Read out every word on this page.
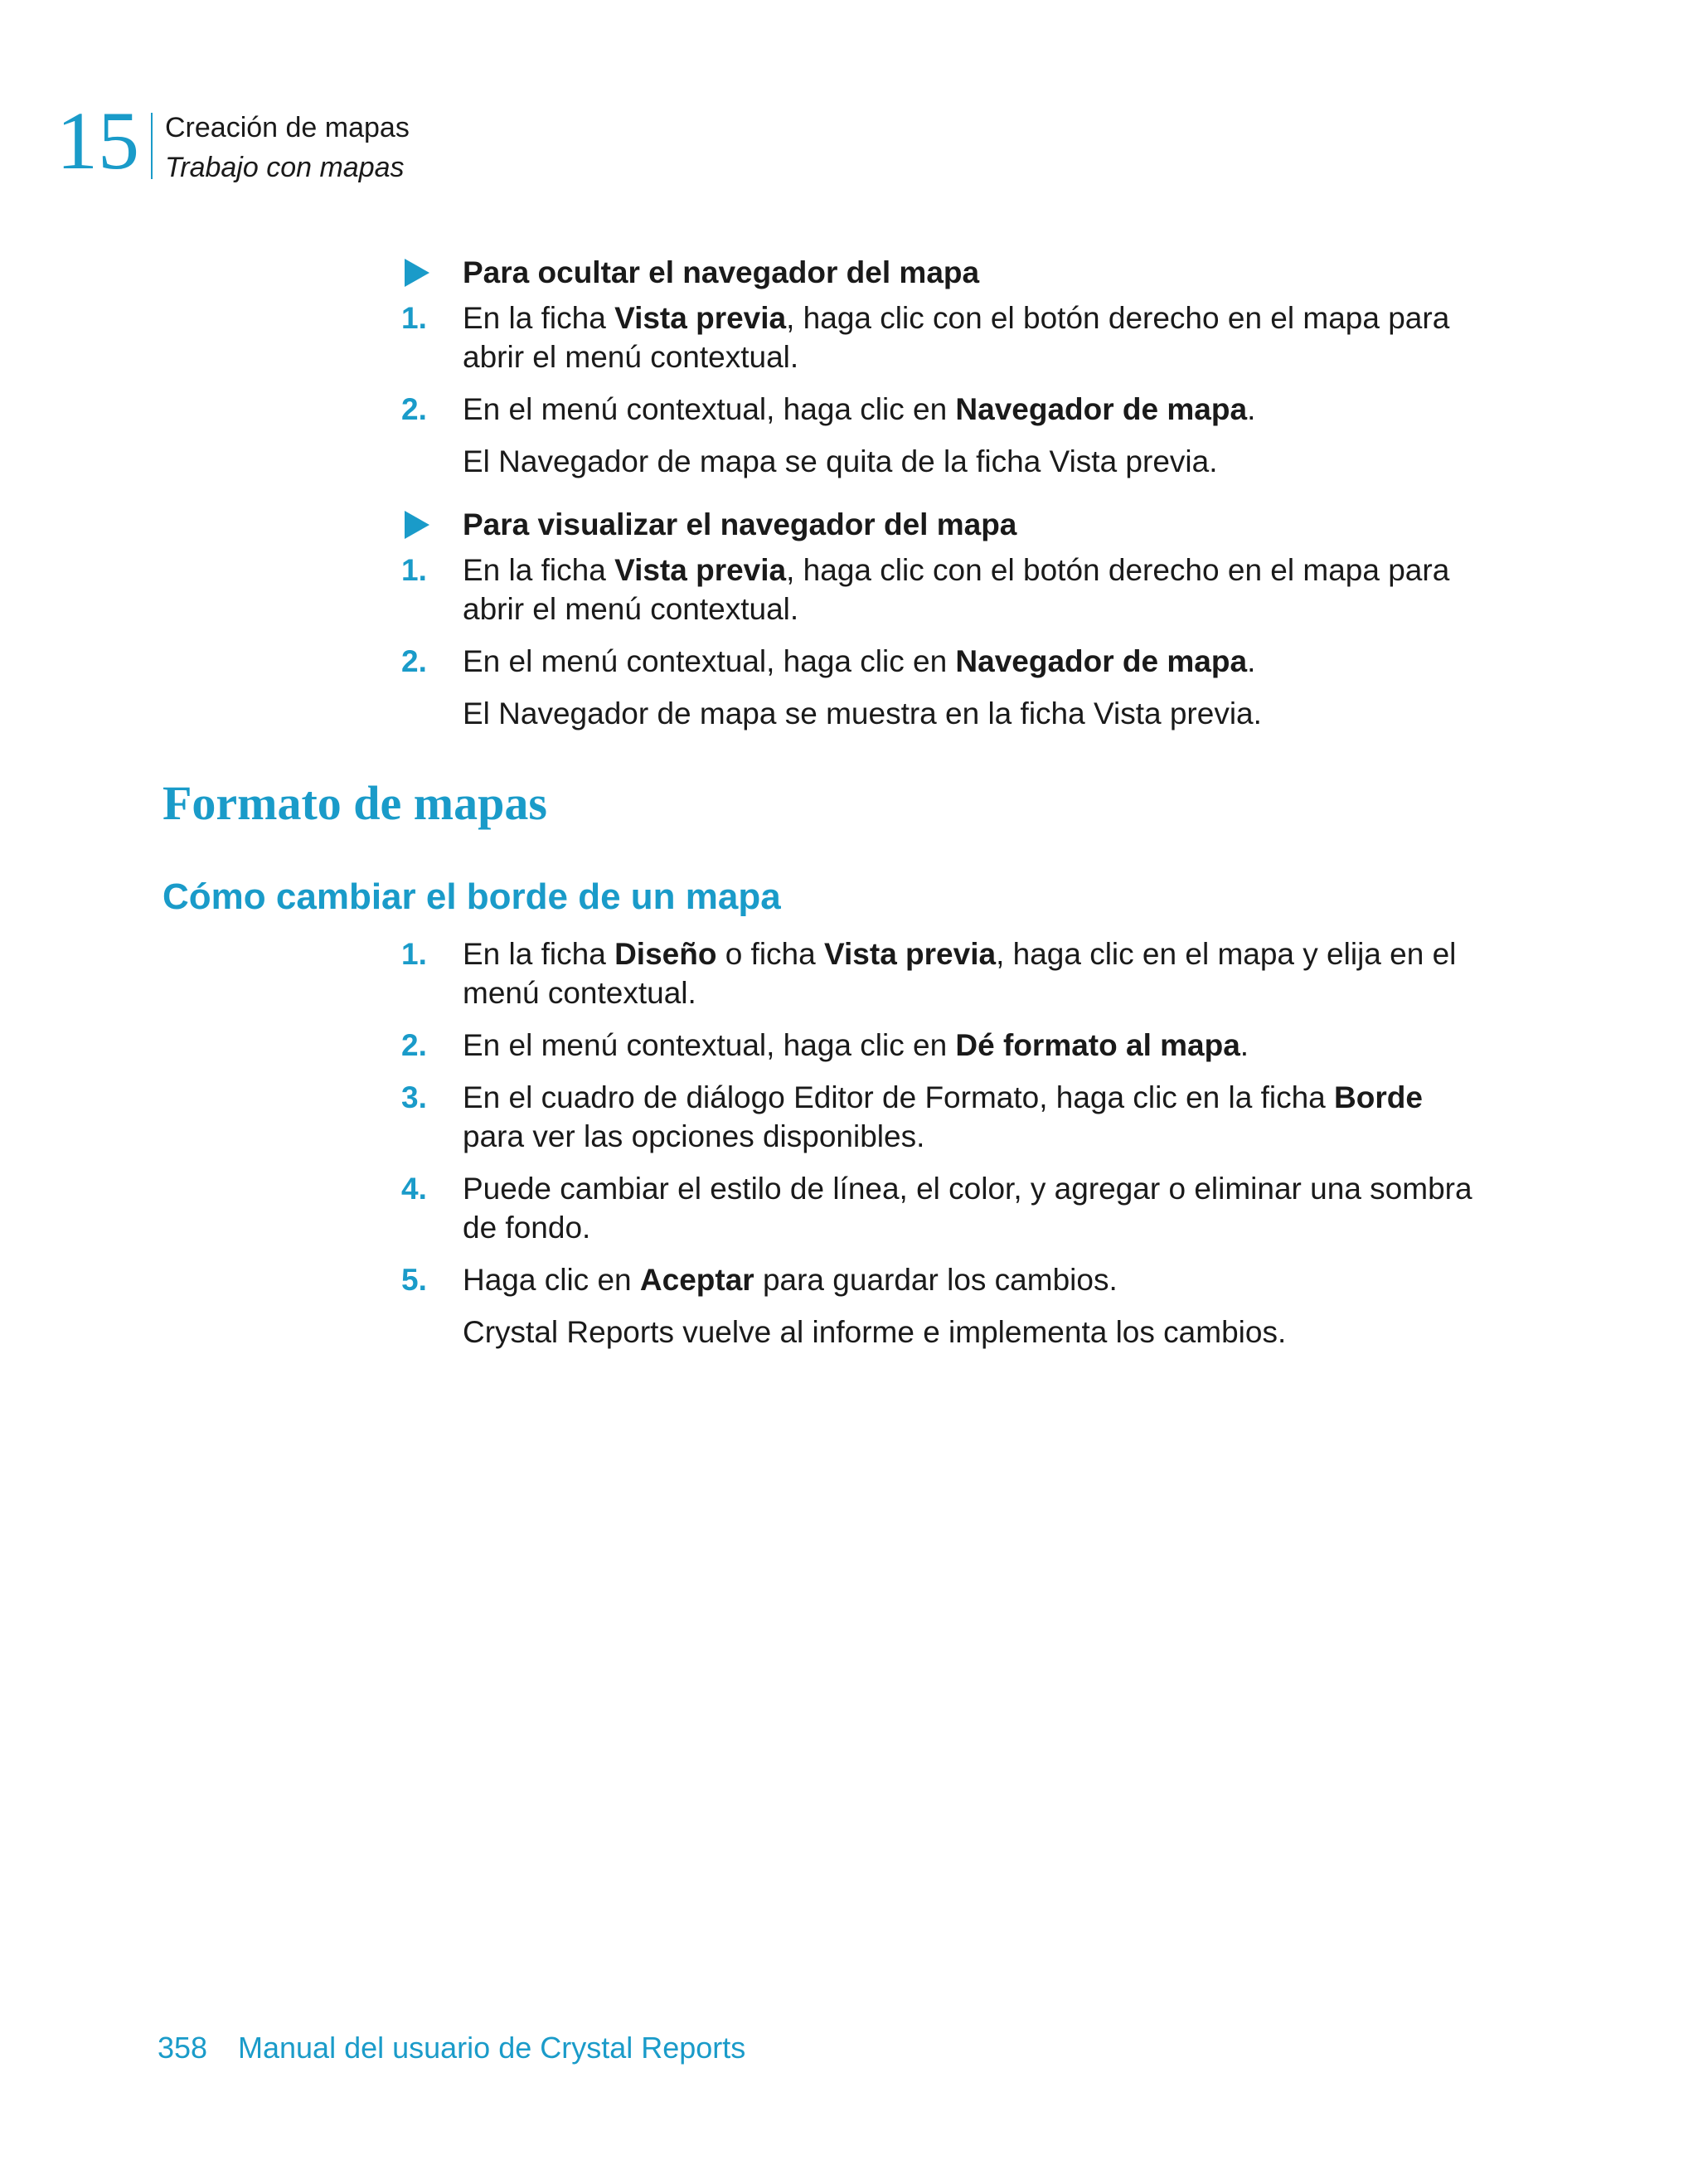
15 Creación de mapas
Trabajo con mapas
Para ocultar el navegador del mapa
1.	En la ficha Vista previa, haga clic con el botón derecho en el mapa para abrir el menú contextual.
2.	En el menú contextual, haga clic en Navegador de mapa.
El Navegador de mapa se quita de la ficha Vista previa.
Para visualizar el navegador del mapa
1.	En la ficha Vista previa, haga clic con el botón derecho en el mapa para abrir el menú contextual.
2.	En el menú contextual, haga clic en Navegador de mapa.
El Navegador de mapa se muestra en la ficha Vista previa.
Formato de mapas
Cómo cambiar el borde de un mapa
1.	En la ficha Diseño o ficha Vista previa, haga clic en el mapa y elija en el menú contextual.
2.	En el menú contextual, haga clic en Dé formato al mapa.
3.	En el cuadro de diálogo Editor de Formato, haga clic en la ficha Borde para ver las opciones disponibles.
4.	Puede cambiar el estilo de línea, el color, y agregar o eliminar una sombra de fondo.
5.	Haga clic en Aceptar para guardar los cambios.
Crystal Reports vuelve al informe e implementa los cambios.
358 Manual del usuario de Crystal Reports
